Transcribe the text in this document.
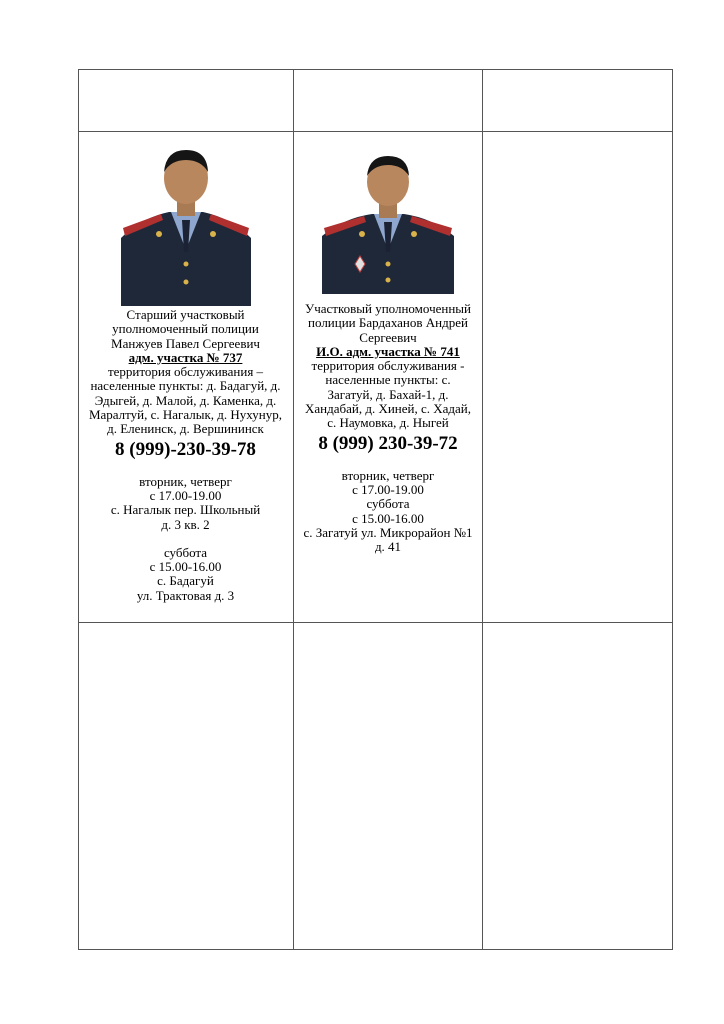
Старший участковый
уполномоченный полиции
Манжуев Павел Сергеевич
адм. участка № 737
территория обслуживания –
населенные пункты: д. Бадагуй, д.
Эдыгей, д. Малой, д. Каменка, д.
Маралтуй, с. Нагалык, д. Нухунур,
д. Еленинск, д. Вершининск
8 (999)-230-39-78
вторник, четверг
с 17.00-19.00
с. Нагалык пер. Школьный
д. 3 кв. 2
суббота
с 15.00-16.00
с. Бадагуй
ул. Трактовая д. 3
Участковый уполномоченный
полиции Бардаханов Андрей
Сергеевич
И.О. адм. участка № 741
территория обслуживания -
населенные пункты: с.
Загатуй, д. Бахай-1, д.
Хандабай, д. Хиней, с. Хадай,
с. Наумовка, д. Ныгей
8 (999) 230-39-72
вторник, четверг
с 17.00-19.00
суббота
с 15.00-16.00
с. Загатуй ул. Микрорайон №1
д. 41
